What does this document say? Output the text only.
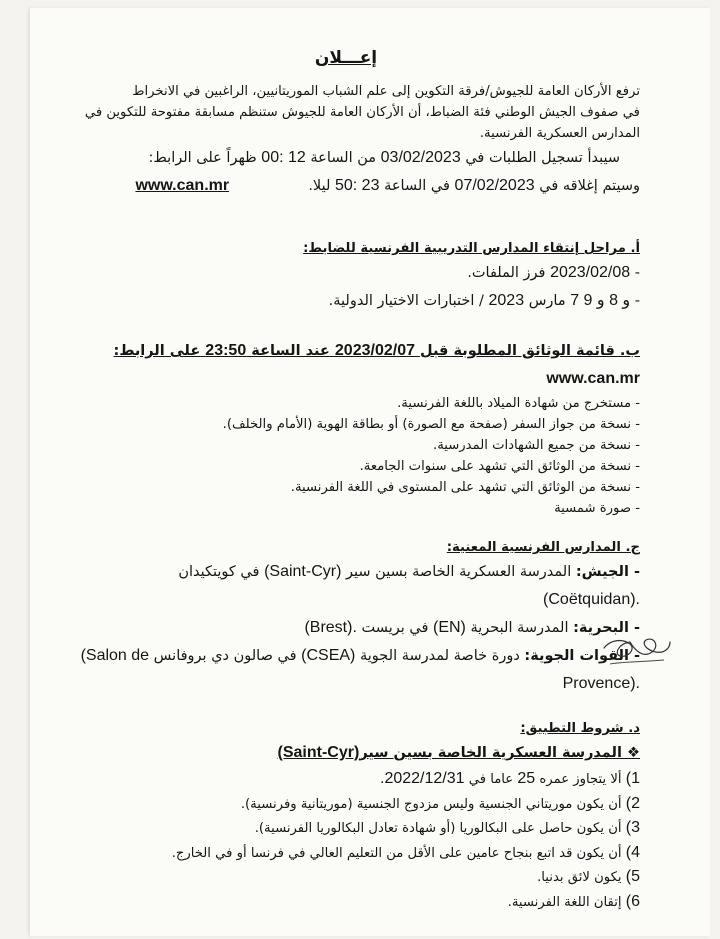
إعـــلان

ترفع الأركان العامة للجيوش/فرقة التكوين إلى علم الشباب الموريتانيين، الراغبين في الانخراط

في صفوف الجيش الوطني فئة الضباط، أن الأركان العامة للجيوش ستنظم مسابقة مفتوحة للتكوين في

المدارس العسكرية الفرنسية.

سيبدأ تسجيل الطلبات في 03/02/2023 من الساعة 00: 12 ظهراً على الرابط:

وسيتم إغلاقه في 07/02/2023 في الساعة 50: 23 ليلا.  www.can.mr

أ. مراحل إنتقاء المدارس التدريبية الفرنسية للضابط:

- 2023/02/08 فرز الملفات.
- 7 و 8 و 9 مارس 2023 / اختبارات الاختيار الدولية.

ب. قائمة الوثائق المطلوبة قبل 2023/02/07 عند الساعة 23:50 على الرابط:

www.can.mr

- مستخرج من شهادة الميلاد باللغة الفرنسية.
- نسخة من جواز السفر (صفحة مع الصورة) أو بطاقة الهوية (الأمام والخلف).
- نسخة من جميع الشهادات المدرسية.
- نسخة من الوثائق التي تشهد على سنوات الجامعة.
- نسخة من الوثائق التي تشهد على المستوى في اللغة الفرنسية.
- صورة شمسية

ج. المدارس الفرنسية المعنية:

- الجيش: المدرسة العسكرية الخاصة بسين سير (Saint-Cyr) في كويتكيدان

(Coëtquidan).

- البحرية: المدرسة البحرية (EN) في بريست (Brest).

- القوات الجوية: دورة خاصة لمدرسة الجوية (CSEA) في صالون دي بروفانس (Salon de

Provence).

د. شروط التطبيق:

❖ المدرسة العسكرية الخاصة بسين سير(Saint-Cyr)

1) ألا يتجاوز عمره 25 عاما في 2022/12/31.
2) أن يكون موريتاني الجنسية وليس مزدوج الجنسية (موريتانية وفرنسية).
3) أن يكون حاصل على البكالوريا (أو شهادة تعادل البكالوريا الفرنسية).
4) أن يكون قد اتبع بنجاح عامين على الأقل من التعليم العالي في فرنسا أو في الخارج.
5) يكون لائق بدنيا.
6) إتقان اللغة الفرنسية.
